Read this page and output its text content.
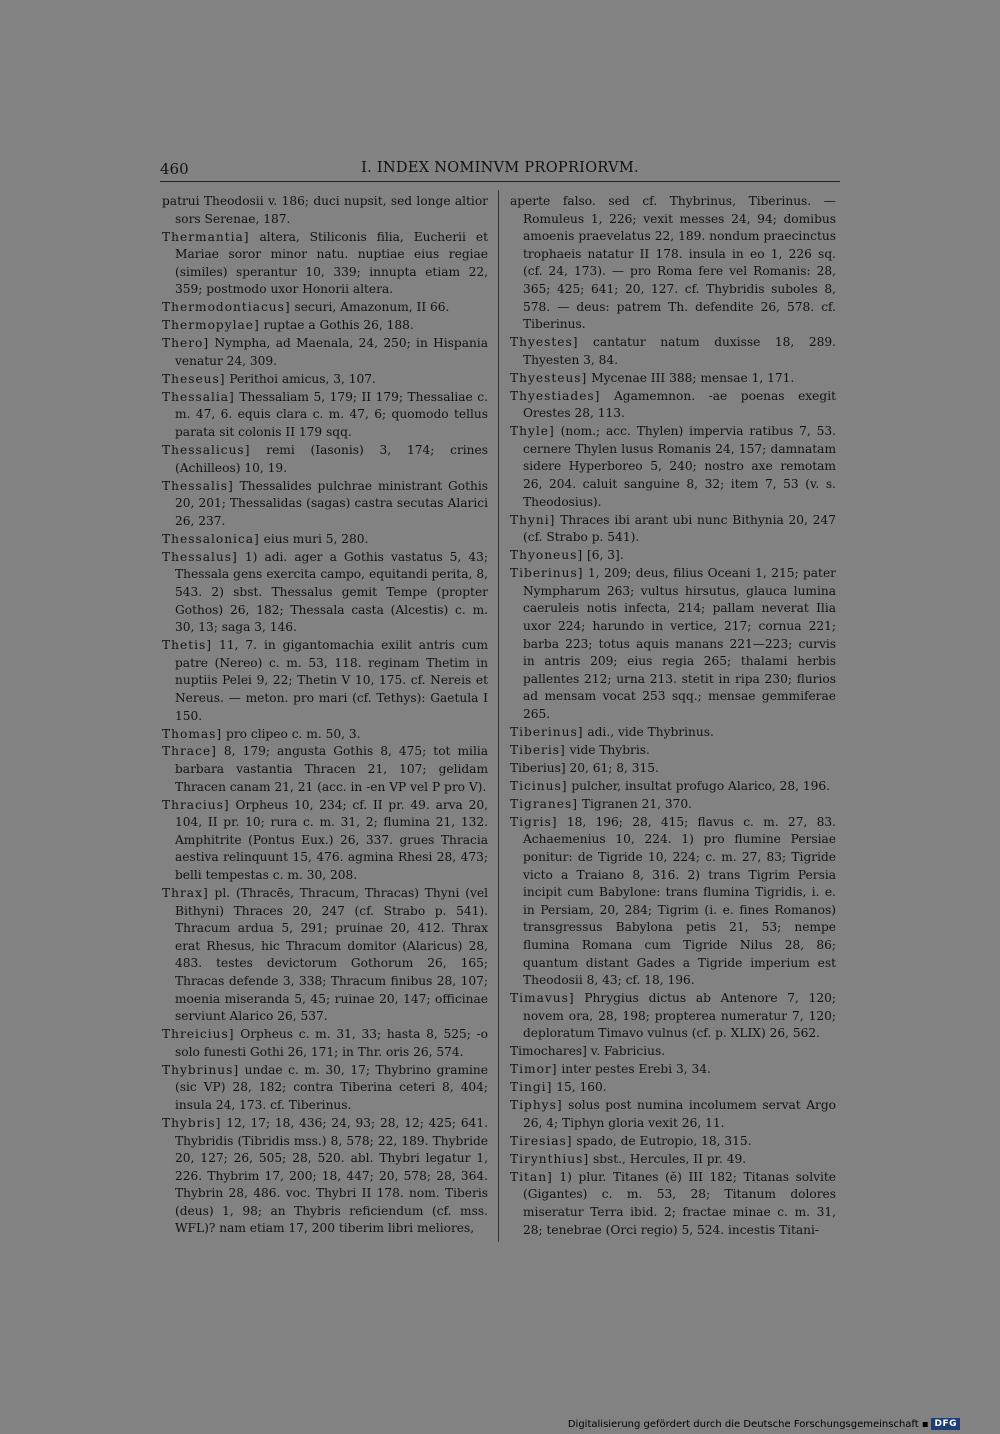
460	I. INDEX NOMINVM PROPRIORVM.

patrui Theodosii v. 186; duci nupsit, sed longe altior sors Serenae, 187.

Thermantia] altera, Stiliconis filia, Eucherii et Mariae soror minor natu. nuptiae eius regiae (similes) sperantur 10, 339; innupta etiam 22, 359; postmodo uxor Honorii altera.

Thermodontiacus] securi, Amazonum, II 66.

Thermopylae] ruptae a Gothis 26, 188.

Thero] Nympha, ad Maenala, 24, 250; in Hispania venatur 24, 309.

Theseus] Perithoi amicus, 3, 107.

Thessalia] Thessaliam 5, 179; II 179; Thessaliae c. m. 47, 6. equis clara c. m. 47, 6; quomodo tellus parata sit colonis II 179 sqq.

Thessalicus] remi (Iasonis) 3, 174; crines (Achilleos) 10, 19.

Thessalis] Thessalides pulchrae ministrant Gothis 20, 201; Thessalidas (sagas) castra secutas Alarici 26, 237.

Thessalonica] eius muri 5, 280.

Thessalus] 1) adi. ager a Gothis vastatus 5, 43; Thessala gens exercita campo, equitandi perita, 8, 543. 2) sbst. Thessalus gemit Tempe (propter Gothos) 26, 182; Thessala casta (Alcestis) c. m. 30, 13; saga 3, 146.

Thetis] 11, 7. in gigantomachia exilit antris cum patre (Nereo) c. m. 53, 118. reginam Thetim in nuptiis Pelei 9, 22; Thetin V 10, 175. cf. Nereis et Nereus. — meton. pro mari (cf. Tethys): Gaetula I 150.

Thomas] pro clipeo c. m. 50, 3.

Thrace] 8, 179; angusta Gothis 8, 475; tot milia barbara vastantia Thracen 21, 107; gelidam Thracen canam 21, 21 (acc. in -en VP vel P pro V).

Thracius] Orpheus 10, 234; cf. II pr. 49. arva 20, 104, II pr. 10; rura c. m. 31, 2; flumina 21, 132. Amphitrite (Pontus Eux.) 26, 337. grues Thracia aestiva relinquunt 15, 476. agmina Rhesi 28, 473; belli tempestas c. m. 30, 208.

Thrax] pl. (Thracēs, Thracum, Thracas) Thyni (vel Bithyni) Thraces 20, 247 (cf. Strabo p. 541). Thracum ardua 5, 291; pruinae 20, 412. Thrax erat Rhesus, hic Thracum domitor (Alaricus) 28, 483. testes devictorum Gothorum 26, 165; Thracas defende 3, 338; Thracum finibus 28, 107; moenia miseranda 5, 45; ruinae 20, 147; officinae serviunt Alarico 26, 537.

Threicius] Orpheus c. m. 31, 33; hasta 8, 525; -o solo funesti Gothi 26, 171; in Thr. oris 26, 574.

Thybrinus] undae c. m. 30, 17; Thybrino gramine (sic VP) 28, 182; contra Tiberina ceteri 8, 404; insula 24, 173. cf. Tiberinus.

Thybris] 12, 17; 18, 436; 24, 93; 28, 12; 425; 641. Thybridis (Tibridis mss.) 8, 578; 22, 189. Thybride 20, 127; 26, 505; 28, 520. abl. Thybri legatur 1, 226. Thybrim 17, 200; 18, 447; 20, 578; 28, 364. Thybrin 28, 486. voc. Thybri II 178. nom. Tiberis (deus) 1, 98; an Thybris reficiendum (cf. mss. WFL)? nam etiam 17, 200 tiberim libri meliores,

aperte falso. sed cf. Thybrinus, Tiberinus. — Romuleus 1, 226; vexit messes 24, 94; domibus amoenis praevelatus 22, 189. nondum praecinctus trophaeis natatur II 178. insula in eo 1, 226 sq. (cf. 24, 173). — pro Roma fere vel Romanis: 28, 365; 425; 641; 20, 127. cf. Thybridis suboles 8, 578. — deus: patrem Th. defendite 26, 578. cf. Tiberinus.

Thyestes] cantatur natum duxisse 18, 289. Thyesten 3, 84.

Thyesteus] Mycenae III 388; mensae 1, 171.

Thyestiades] Agamemnon. -ae poenas exegit Orestes 28, 113.

Thyle] (nom.; acc. Thylen) impervia ratibus 7, 53. cernere Thylen lusus Romanis 24, 157; damnatam sidere Hyperboreo 5, 240; nostro axe remotam 26, 204. caluit sanguine 8, 32; item 7, 53 (v. s. Theodosius).

Thyni] Thraces ibi arant ubi nunc Bithynia 20, 247 (cf. Strabo p. 541).

Thyoneus] [6, 3].

Tiberinus] 1, 209; deus, filius Oceani 1, 215; pater Nympharum 263; vultus hirsutus, glauca lumina caeruleis notis infecta, 214; pallam neverat Ilia uxor 224; harundo in vertice, 217; cornua 221; barba 223; totus aquis manans 221—223; curvis in antris 209; eius regia 265; thalami herbis pallentes 212; urna 213. stetit in ripa 230; flurios ad mensam vocat 253 sqq.; mensae gemmiferae 265.

Tiberinus] adi., vide Thybrinus.

Tiberis] vide Thybris.

Tiberius] 20, 61; 8, 315.

Ticinus] pulcher, insultat profugo Alarico, 28, 196.

Tigranes] Tigranen 21, 370.

Tigris] 18, 196; 28, 415; flavus c. m. 27, 83. Achaemenius 10, 224. 1) pro flumine Persiae ponitur: de Tigride 10, 224; c. m. 27, 83; Tigride victo a Traiano 8, 316. 2) trans Tigrim Persia incipit cum Babylone: trans flumina Tigridis, i. e. in Persiam, 20, 284; Tigrim (i. e. fines Romanos) transgressus Babylona petis 21, 53; nempe flumina Romana cum Tigride Nilus 28, 86; quantum distant Gades a Tigride imperium est Theodosii 8, 43; cf. 18, 196.

Timavus] Phrygius dictus ab Antenore 7, 120; novem ora, 28, 198; propterea numeratur 7, 120; deploratum Timavo vulnus (cf. p. XLIX) 26, 562.

Timochares] v. Fabricius.

Timor] inter pestes Erebi 3, 34.

Tingi] 15, 160.

Tiphys] solus post numina incolumem servat Argo 26, 4; Tiphyn gloria vexit 26, 11.

Tiresias] spado, de Eutropio, 18, 315.

Tirynthius] sbst., Hercules, II pr. 49.

Titan] 1) plur. Titanes (ĕ) III 182; Titanas solvite (Gigantes) c. m. 53, 28; Titanum dolores miseratur Terra ibid. 2; fractae minae c. m. 31, 28; tenebrae (Orci regio) 5, 524. incestis Titani-

Digitalisierung gefördert durch die Deutsche Forschungsgemeinschaft ▪ DFG
